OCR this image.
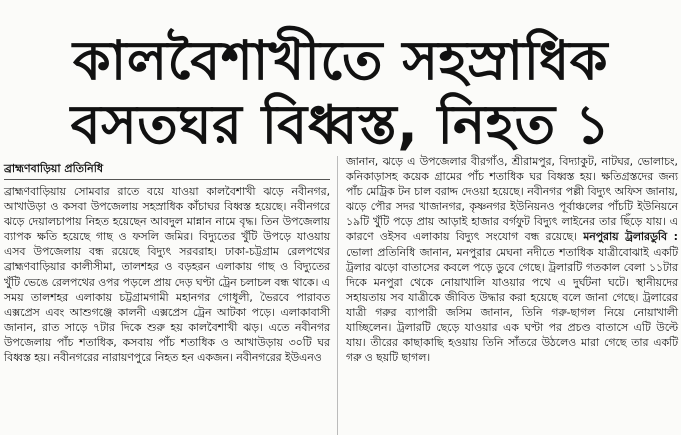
কালবৈশাখীতে সহস্রাধিক
বসতঘর বিধ্বস্ত, নিহত ১
ব্রাহ্মণবাড়িয়া প্রতিনিধি
ব্রাহ্মণবাড়িয়ায় সোমবার রাতে বয়ে যাওয়া কালবৈশাখী ঝড়ে নবীনগর, আখাউড়া ও কসবা উপজেলায় সহস্রাধিক কাঁচাঘর বিধ্বস্ত হয়েছে। নবীনগরে ঝড়ে দেয়ালচাপায় নিহত হয়েছেন আবদুল মান্নান নামে বৃদ্ধ। তিন উপজেলায় ব্যাপক ক্ষতি হয়েছে গাছ ও ফসলি জমির। বিদ্যুতের খুঁটি উপড়ে যাওয়ায় এসব উপজেলায় বন্ধ রয়েছে বিদ্যুৎ সরবরাহ। ঢাকা-চট্টগ্রাম রেলপথের ব্রাহ্মণবাড়িয়ার কালীসীমা, তালশহর ও বড়হরন এলাকায় গাছ ও বিদ্যুতের খুঁটি ভেঙে রেলপথের ওপর পড়লে প্রায় দেড় ঘণ্টা ট্রেন চলাচল বন্ধ থাকে। এ সময় তালশহর এলাকায় চট্টগ্রামগামী মহানগর গোধূলী, ভৈরবে পারাবত এক্সপ্রেস এবং আশুগঞ্জে কালনী এক্সপ্রেস ট্রেন আটকা পড়ে। এলাকাবাসী জানান, রাত সাড়ে ৭টার দিকে শুরু হয় কালবৈশাখী ঝড়। এতে নবীনগর উপজেলায় পাঁচ শতাধিক, কসবায় পাঁচ শতাধিক ও আখাউড়ায় ৩০টি ঘর বিধ্বস্ত হয়। নবীনগরের নারায়ণপুরে নিহত হন একজন। নবীনগরের ইউএনও
জানান, ঝড়ে এ উপজেলার বীরগাঁও, শ্রীরামপুর, বিদ্যাকুট, নাটঘর, ভোলাচং, কনিকাড়াসহ কয়েক গ্রামের পাঁচ শতাধিক ঘর বিধ্বস্ত হয়। ক্ষতিগ্রস্তদের জন্য পাঁচ মেট্রিক টন চাল বরাদ্দ দেওয়া হয়েছে। নবীনগর পল্লী বিদ্যুৎ অফিস জানায়, ঝড়ে পৌর সদর খাজানগর, কৃষ্ণনগর ইউনিয়নও পূর্বাঞ্চলের পাঁচটি ইউনিয়নে ১৯টি খুঁটি পড়ে প্রায় আড়াই হাজার বর্গফুট বিদ্যুৎ লাইনের তার ছিঁড়ে যায়। এ কারণে ওইসব এলাকায় বিদ্যুৎ সংযোগ বন্ধ রয়েছে। মনপুরায় ট্রলারডুবি : ভোলা প্রতিনিধি জানান, মনপুরার মেঘনা নদীতে শতাধিক যাত্রীবোঝাই একটি ট্রলার ঝড়ো বাতাসের কবলে পড়ে ডুবে গেছে। ট্রলারটি গতকাল বেলা ১১টার দিকে মনপুরা থেকে নোয়াখালি যাওয়ার পথে এ দুর্ঘটনা ঘটে। স্থানীয়দের সহায়তায় সব যাত্রীকে জীবিত উদ্ধার করা হয়েছে বলে জানা গেছে। ট্রলারের যাত্রী গরুর ব্যাপারী জসিম জানান, তিনি গরু-ছাগল নিয়ে নোয়াখালী যাচ্ছিলেন। ট্রলারটি ছেড়ে যাওয়ার এক ঘণ্টা পর প্রচণ্ড বাতাসে এটি উল্টে যায়। তীরের কাছাকাছি হওয়ায় তিনি সাঁতরে উঠলেও মারা গেছে তার একটি গরু ও ছয়টি ছাগল।
